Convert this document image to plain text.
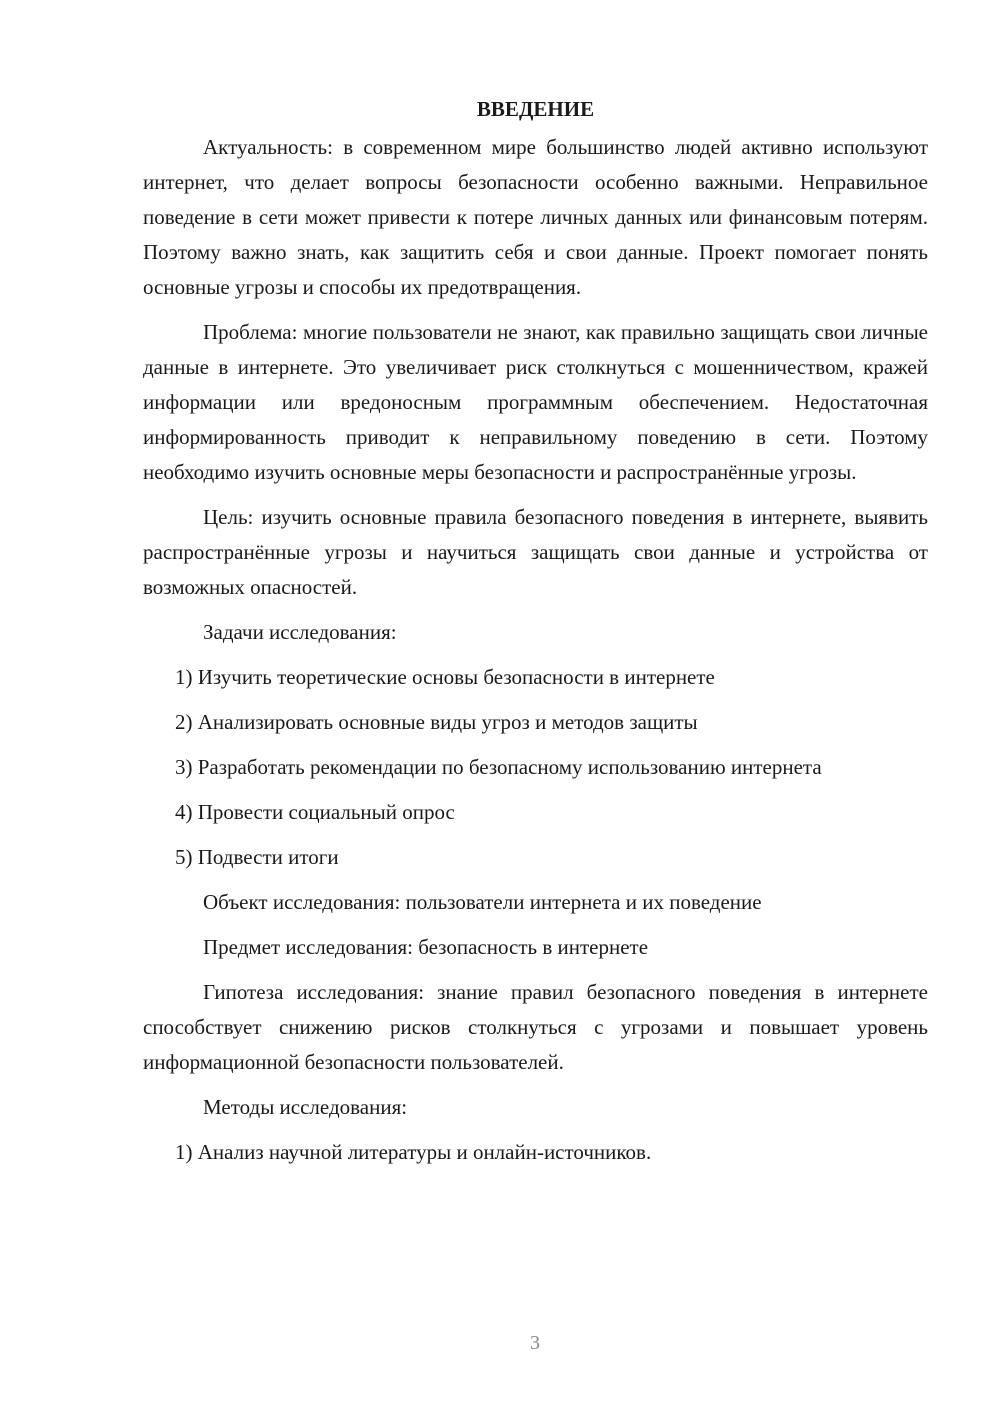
ВВЕДЕНИЕ

Актуальность: в современном мире большинство людей активно используют интернет, что делает вопросы безопасности особенно важными. Неправильное поведение в сети может привести к потере личных данных или финансовым потерям. Поэтому важно знать, как защитить себя и свои данные. Проект помогает понять основные угрозы и способы их предотвращения.

Проблема: многие пользователи не знают, как правильно защищать свои личные данные в интернете. Это увеличивает риск столкнуться с мошенничеством, кражей информации или вредоносным программным обеспечением. Недостаточная информированность приводит к неправильному поведению в сети. Поэтому необходимо изучить основные меры безопасности и распространённые угрозы.

Цель: изучить основные правила безопасного поведения в интернете, выявить распространённые угрозы и научиться защищать свои данные и устройства от возможных опасностей.

Задачи исследования:

1) Изучить теоретические основы безопасности в интернете

2) Анализировать основные виды угроз и методов защиты

3) Разработать рекомендации по безопасному использованию интернета

4) Провести социальный опрос

5) Подвести итоги

Объект исследования: пользователи интернета и их поведение

Предмет исследования: безопасность в интернете

Гипотеза исследования: знание правил безопасного поведения в интернете способствует снижению рисков столкнуться с угрозами и повышает уровень информационной безопасности пользователей.

Методы исследования:

1) Анализ научной литературы и онлайн-источников.

3
